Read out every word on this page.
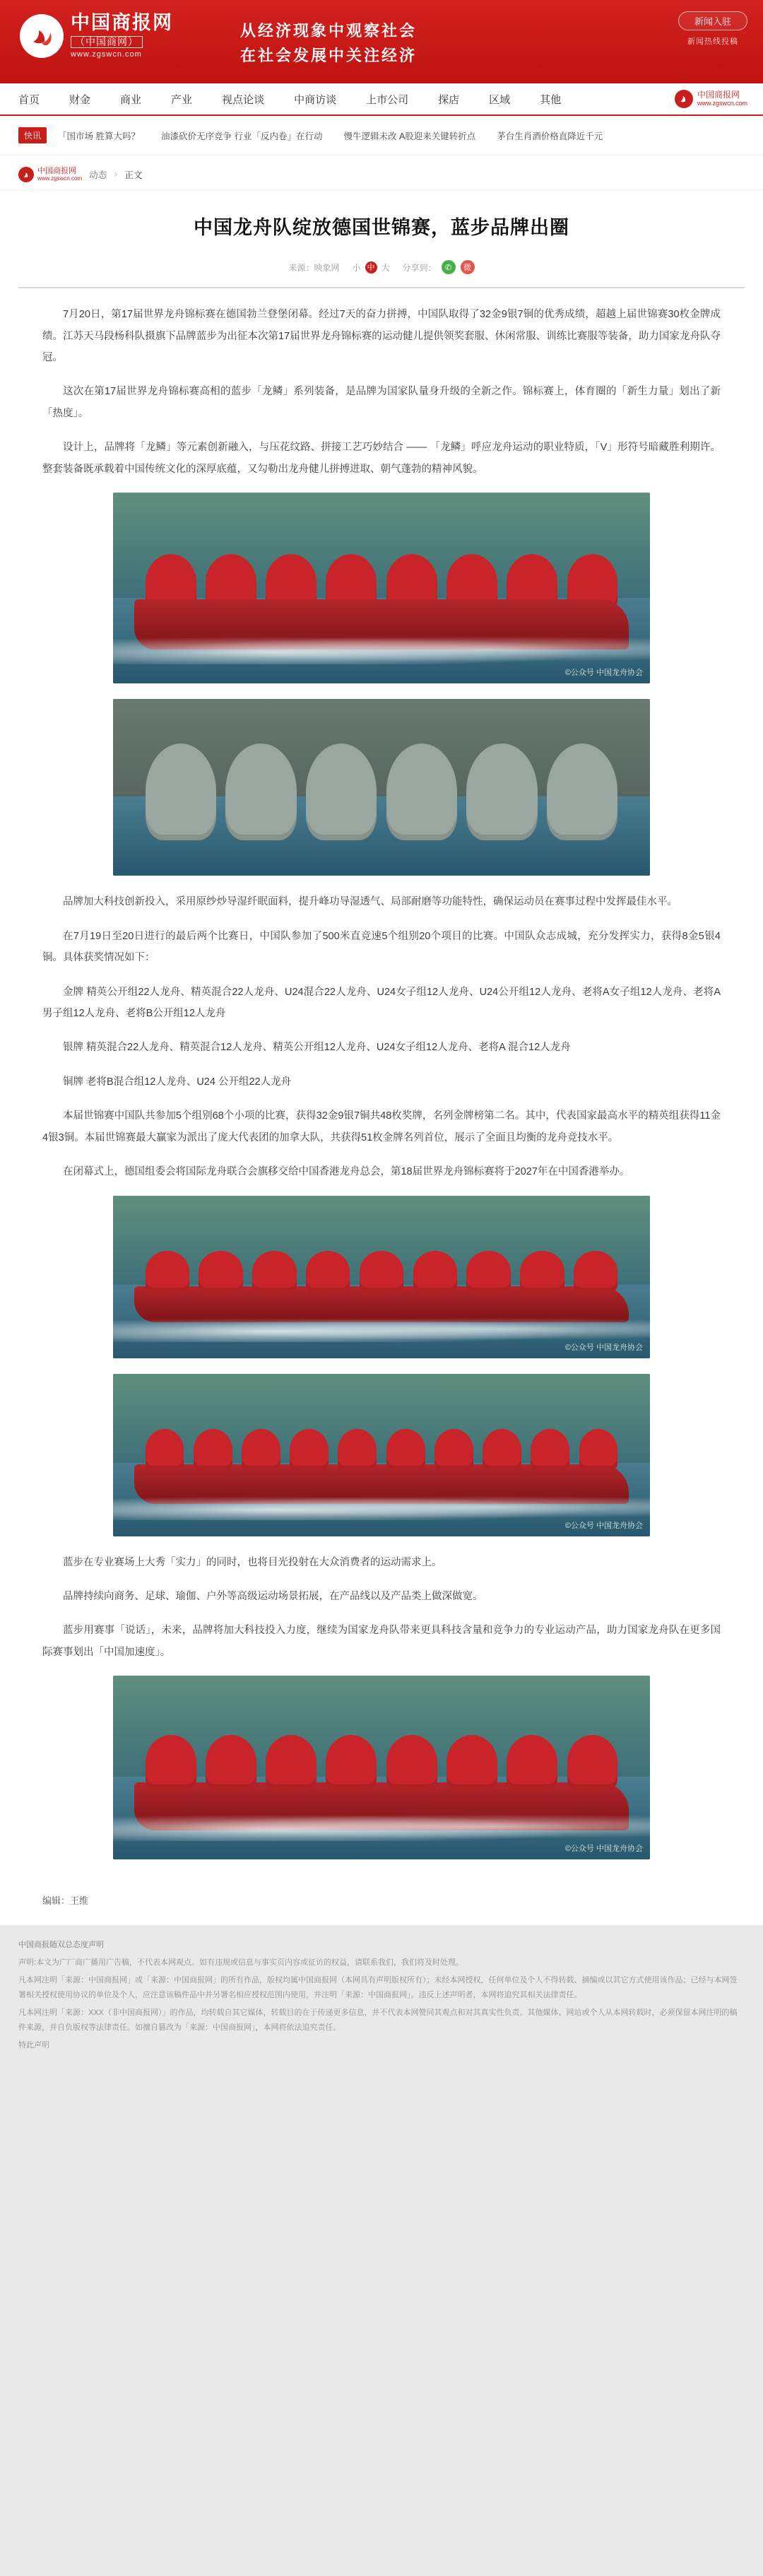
中国商报网
（中国商网）
www.zgswcn.com
从经济现象中观察社会
在社会发展中关注经济
新闻入驻
新闻热线投稿
首页	财金	商业	产业	视点论谈	中商访谈	上市公司	探店	区域	其他	中国商报网
www.zgswcn.com
快讯	「国市场 胜算大吗？ 油漆砍价无序竞争 行业「反内卷」在行动 慢牛逻辑未改 A股迎来关键转折点 茅台生肖酒价格直降近千元
中国商报网
www.zgswcn.com 动态 › 正文
中国龙舟队绽放德国世锦赛，蓝步品牌出圈
来源：映象网 小 中 大 分享到：	✆	微

7月20日，第17届世界龙舟锦标赛在德国勃兰登堡闭幕。经过7天的奋力拼搏，中国队取得了32金9银7铜的优秀成绩，超越上届世锦赛30枚金牌成绩。江苏天马段杨科队摄旗下品牌蓝步为出征本次第17届世界龙舟锦标赛的运动健儿提供领奖套服、休闲常服、训练比赛服等装备，助力国家龙舟队夺冠。

这次在第17届世界龙舟锦标赛高相的蓝步「龙鳞」系列装备，是品牌为国家队量身升级的全新之作。锦标赛上，体育圈的「新生力量」划出了新「热度」。

设计上，品牌将「龙鳞」等元素创新融入，与压花纹路、拼接工艺巧妙结合 —— 「龙鳞」呼应龙舟运动的职业特质，「V」形符号暗藏胜利期许。整套装备既承载着中国传统文化的深厚底蕴，又勾勒出龙舟健儿拼搏进取、朝气蓬勃的精神风貌。

©公众号 中国龙舟协会

品牌加大科技创新投入，采用原纱炒导湿纤眠面料，提升峰功导湿透气、局部耐磨等功能特性，确保运动员在赛事过程中发挥最佳水平。

在7月19日至20日进行的最后两个比赛日，中国队参加了500米直竞速5个组别20个项目的比赛。中国队众志成城，充分发挥实力，获得8金5银4铜。具体获奖情况如下：

金牌 精英公开组22人龙舟、精英混合22人龙舟、U24混合22人龙舟、U24女子组12人龙舟、U24公开组12人龙舟、老将A女子组12人龙舟、老将A男子组12人龙舟、老将B公开组12人龙舟

银牌 精英混合22人龙舟、精英混合12人龙舟、精英公开组12人龙舟、U24女子组12人龙舟、老将A 混合12人龙舟

铜牌 老将B混合组12人龙舟、U24 公开组22人龙舟

本届世锦赛中国队共参加5个组别68个小项的比赛，获得32金9银7铜共48枚奖牌，名列金牌榜第二名。其中，代表国家最高水平的精英组获得11金4银3铜。本届世锦赛最大赢家为派出了庞大代表团的加拿大队，共获得51枚金牌名列首位，展示了全面且均衡的龙舟竞技水平。

在闭幕式上，德国组委会将国际龙舟联合会旗移交给中国香港龙舟总会，第18届世界龙舟锦标赛将于2027年在中国香港举办。

©公众号 中国龙舟协会
©公众号 中国龙舟协会

蓝步在专业赛场上大秀「实力」的同时，也将目光投射在大众消费者的运动需求上。

品牌持续向商务、足球、瑜伽、户外等高级运动场景拓展，在产品线以及产品类上做深做宽。

蓝步用赛事「说话」，未来，品牌将加大科技投入力度，继续为国家龙舟队带来更具科技含量和竞争力的专业运动产品，助力国家龙舟队在更多国际赛事划出「中国加速度」。

©公众号 中国龙舟协会
编辑：王维
中国商报随双总态度声明
声明:本文为广厂商广播用广告稿，不代表本网观点。如有违规或信息与事实页内容或征访的权益，请联系我们，我们将及时处理。
凡本网注明「来源：中国商报网」或「来源：中国商报网」的所有作品，版权均属中国商报网（本网具有声明版权所有）；未经本网授权，任何单位及个人不得转载、摘编或以其它方式使用该作品；已经与本网签署相关授权使用协议的单位及个人，应注意该稿件品中并另署名相应授权范围内使用，并注明「来源：中国商报网」。违反上述声明者，本网将追究其相关法律责任。
凡本网注明「来源：XXX（非中国商报网）」的作品，均转载自其它媒体，转载目的在于传递更多信息，并不代表本网赞同其观点和对其真实性负责。其他媒体、网站或个人从本网转载时，必须保留本网注明的稿件来源，并自负版权等法律责任。如擅自篡改为「来源：中国商报网」，本网将依法追究责任。
特此声明
